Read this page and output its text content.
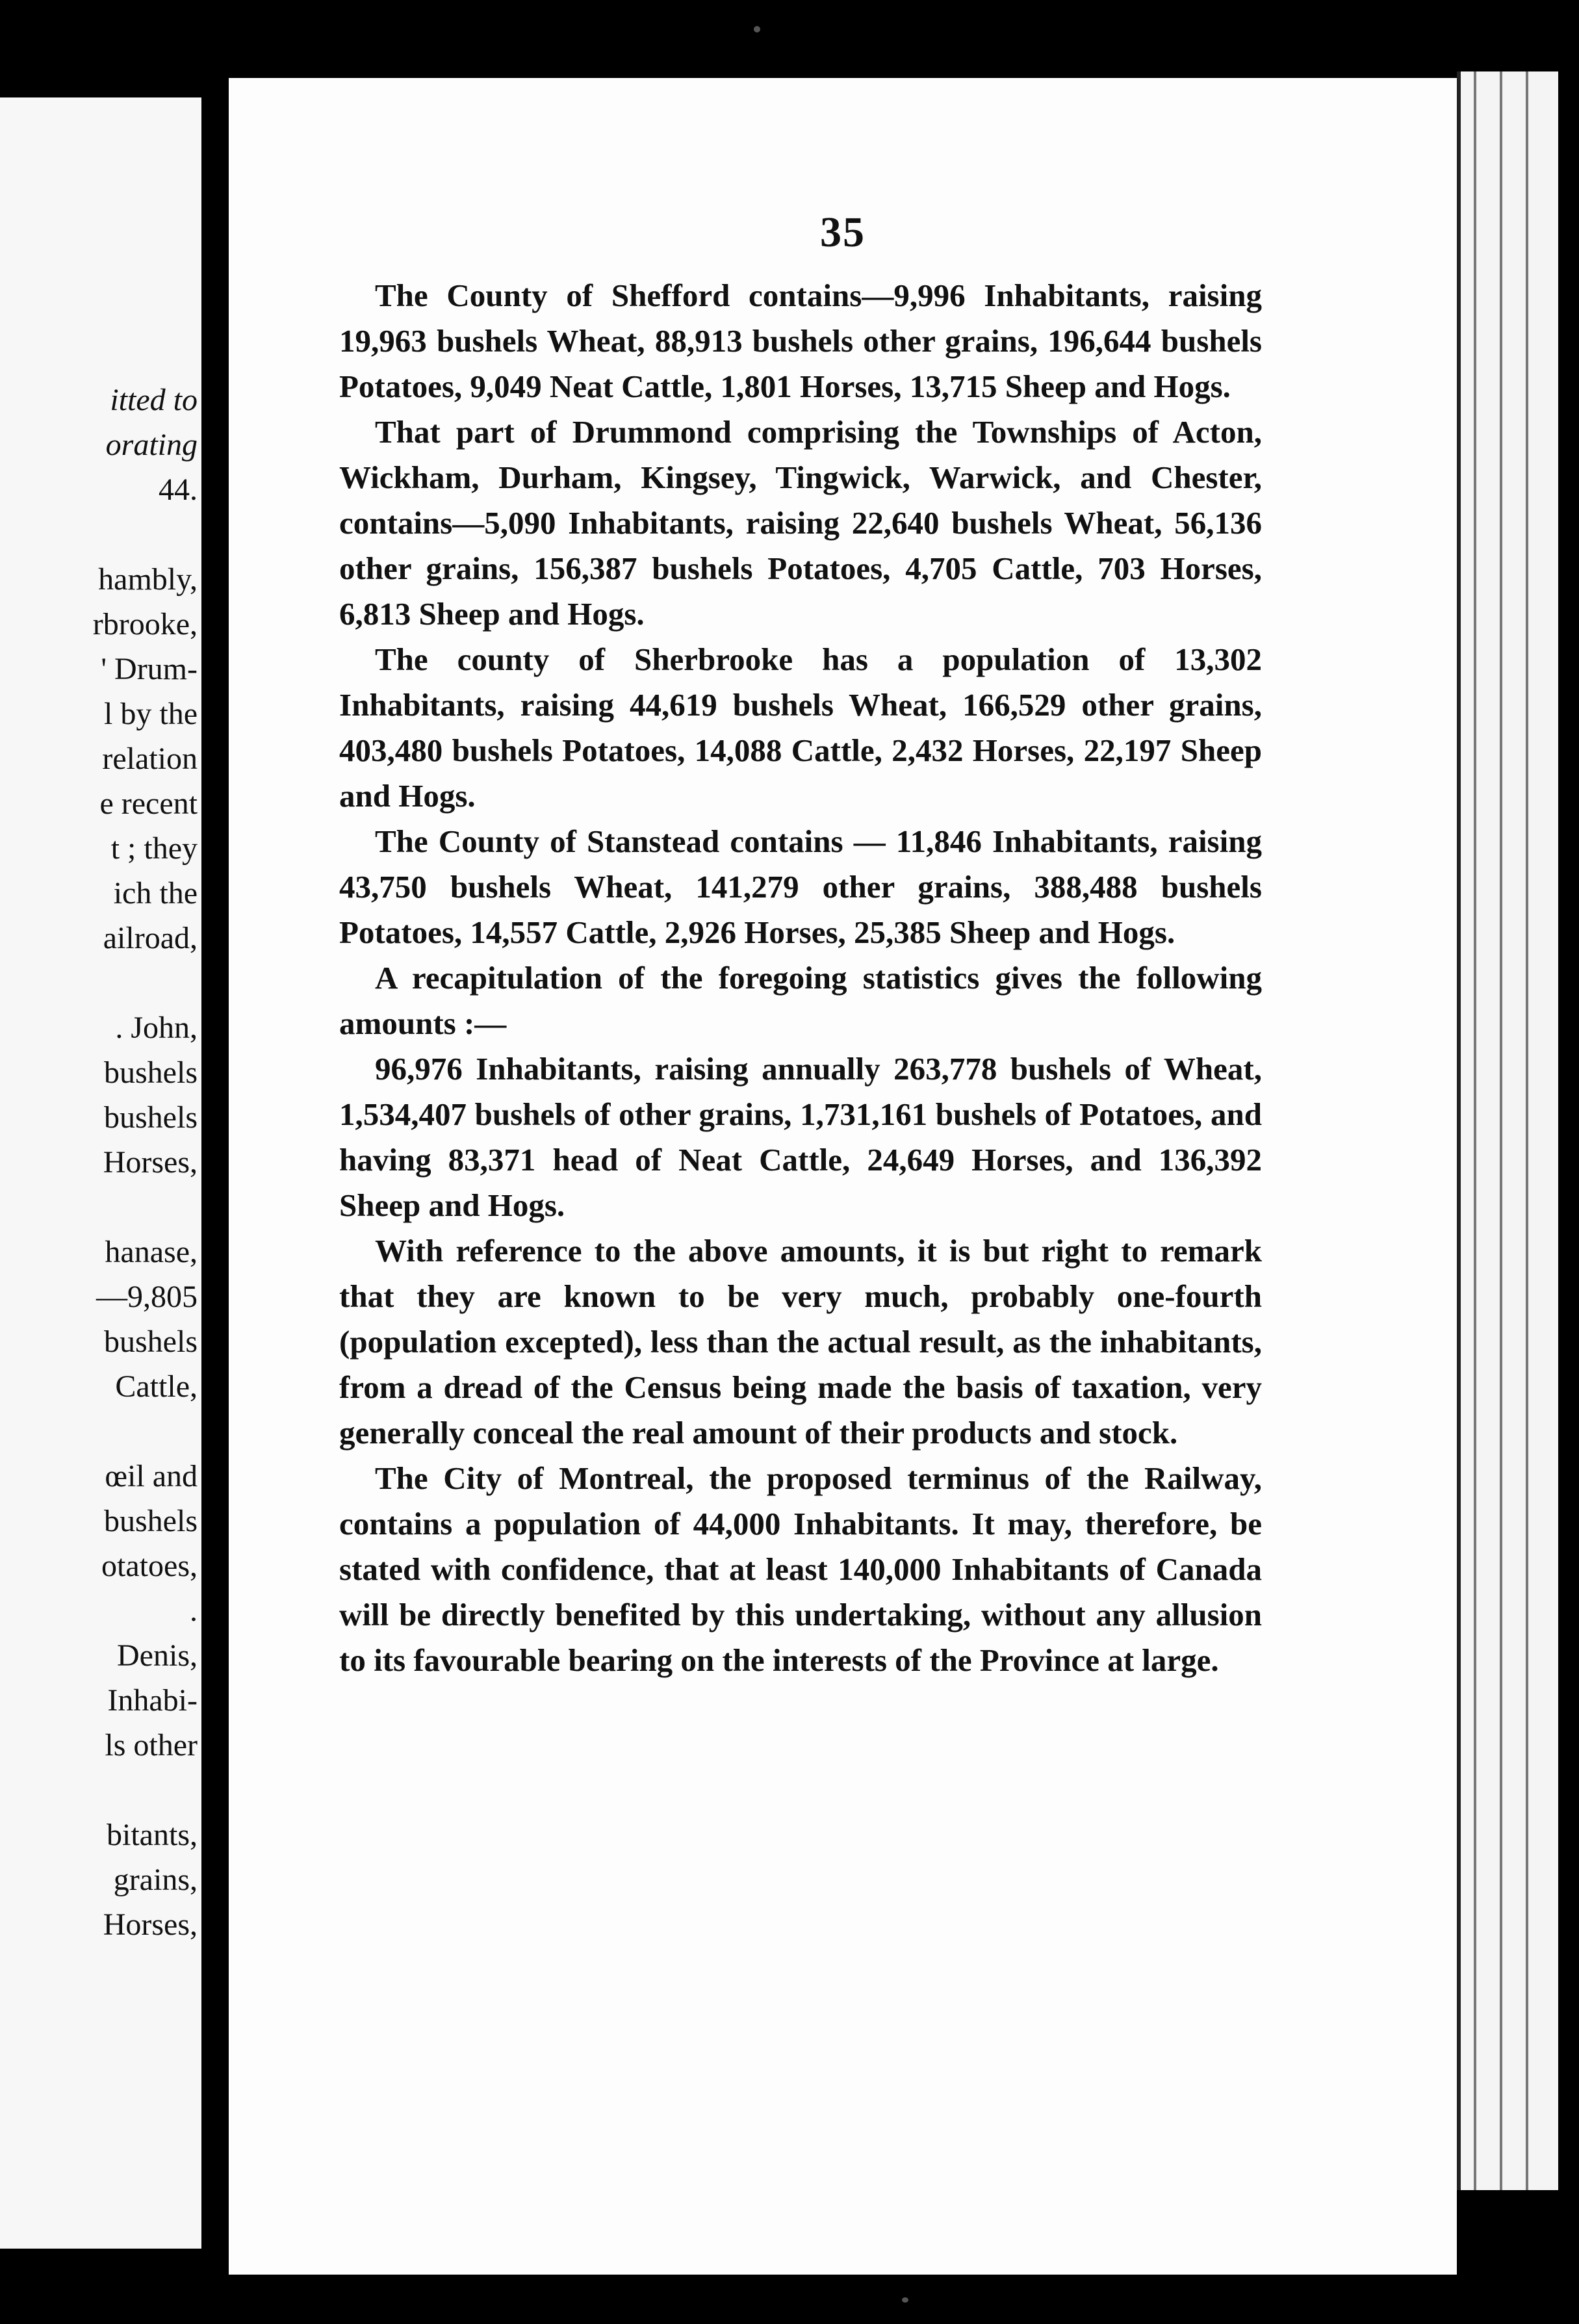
itted to
orating
44.
hambly,
rbrooke,
' Drum-
l by the
relation
e recent
t ; they
ich the
ailroad,
. John,
bushels
bushels
Horses,
hanase,
—9,805
bushels
Cattle,
œil and
bushels
otatoes,
.
Denis,
Inhabi-
ls other
bitants,
grains,
Horses,
35

The County of Shefford contains—9,996 Inhabitants, raising 19,963 bushels Wheat, 88,913 bushels other grains, 196,644 bushels Potatoes, 9,049 Neat Cattle, 1,801 Horses, 13,715 Sheep and Hogs.

That part of Drummond comprising the Townships of Acton, Wickham, Durham, Kingsey, Tingwick, Warwick, and Chester, contains—5,090 Inhabitants, raising 22,640 bushels Wheat, 56,136 other grains, 156,387 bushels Potatoes, 4,705 Cattle, 703 Horses, 6,813 Sheep and Hogs.

The county of Sherbrooke has a population of 13,302 Inhabitants, raising 44,619 bushels Wheat, 166,529 other grains, 403,480 bushels Potatoes, 14,088 Cattle, 2,432 Horses, 22,197 Sheep and Hogs.

The County of Stanstead contains — 11,846 Inhabitants, raising 43,750 bushels Wheat, 141,279 other grains, 388,488 bushels Potatoes, 14,557 Cattle, 2,926 Horses, 25,385 Sheep and Hogs.

A recapitulation of the foregoing statistics gives the following amounts :—

96,976 Inhabitants, raising annually 263,778 bushels of Wheat, 1,534,407 bushels of other grains, 1,731,161 bushels of Potatoes, and having 83,371 head of Neat Cattle, 24,649 Horses, and 136,392 Sheep and Hogs.

With reference to the above amounts, it is but right to remark that they are known to be very much, probably one-fourth (population excepted), less than the actual result, as the inhabitants, from a dread of the Census being made the basis of taxation, very generally conceal the real amount of their products and stock.

The City of Montreal, the proposed terminus of the Railway, contains a population of 44,000 Inhabitants. It may, therefore, be stated with confidence, that at least 140,000 Inhabitants of Canada will be directly benefited by this undertaking, without any allusion to its favourable bearing on the interests of the Province at large.
